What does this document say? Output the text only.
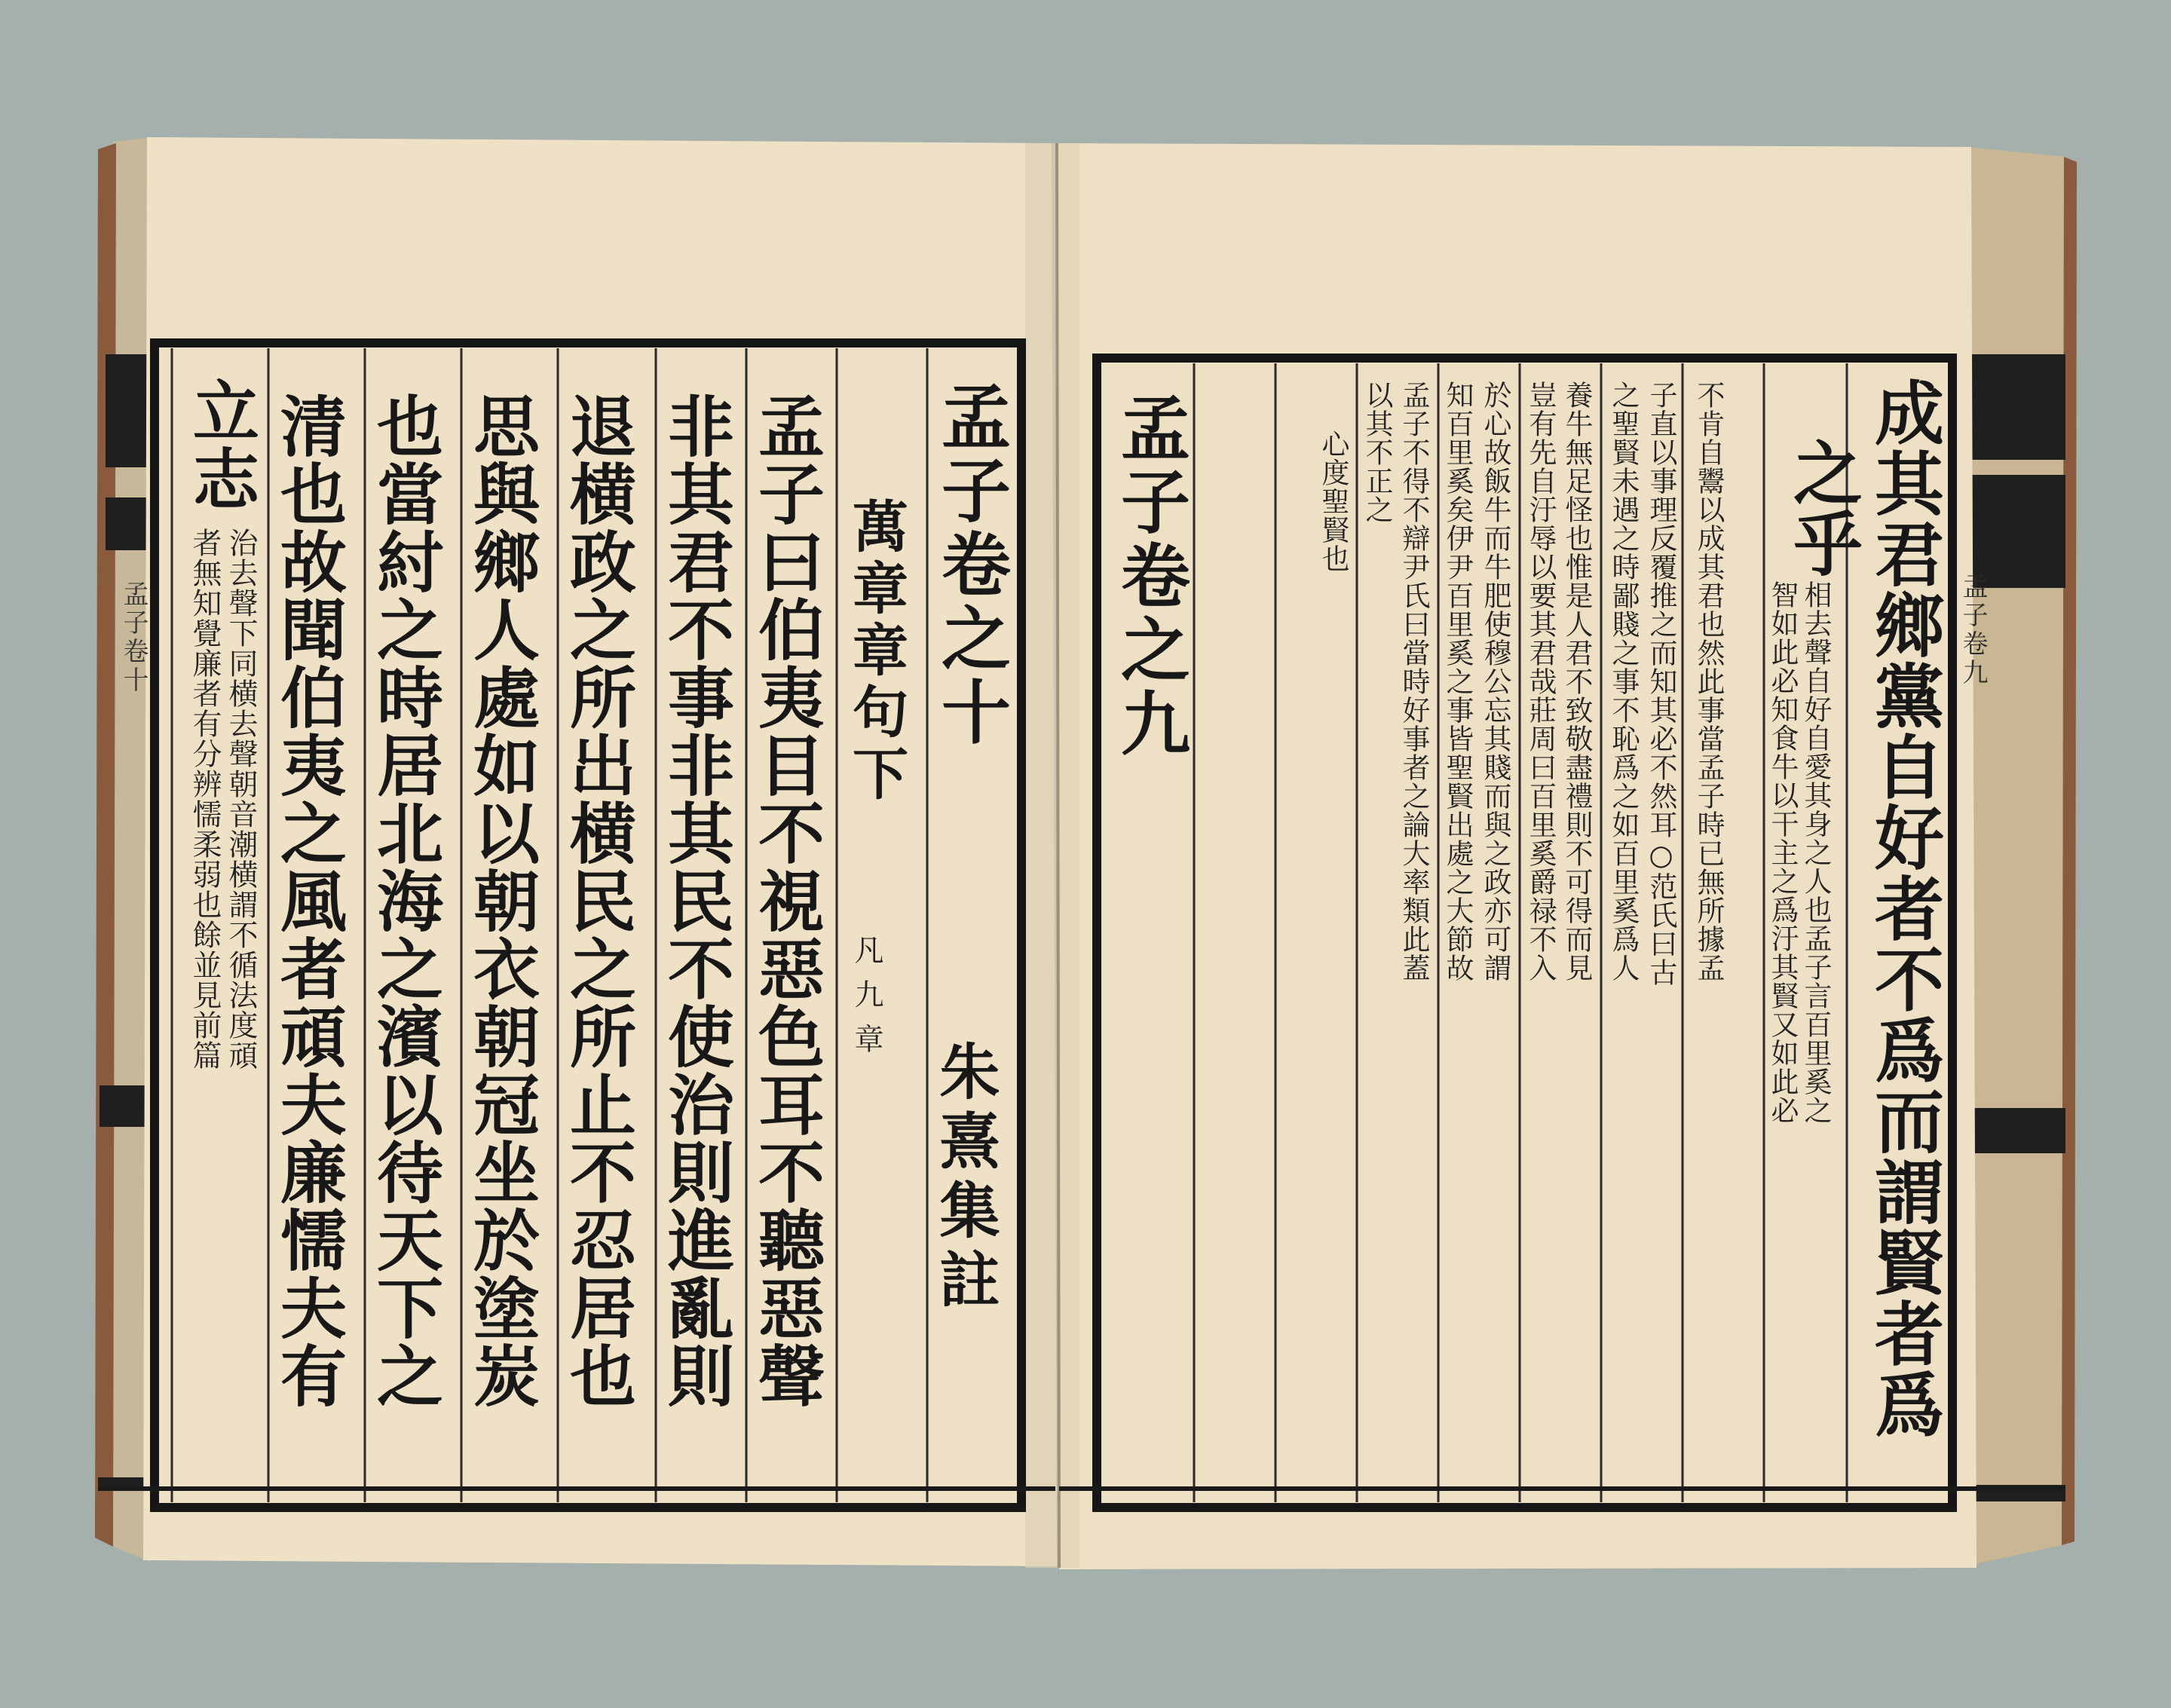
孟子卷之十
萬章章句下
凡九章
朱熹集註
孟子曰伯夷目不視惡色耳不聽惡聲
非其君不事非其民不使治則進亂則
退横政之所出横民之所止不忍居也
思與鄉人處如以朝衣朝冠坐於塗炭
也當紂之時居北海之濱以待天下之
清也故聞伯夷之風者頑夫廉懦夫有
立志
治去聲下同横去聲朝音潮横謂不循法度頑
者無知覺廉者有分辨懦柔弱也餘並見前篇
孟子卷十	成其君鄉黨自好者不爲而謂賢者爲
之乎
相去聲自好自愛其身之人也孟子言百里奚之
智如此必知食牛以干主之爲汙其賢又如此必
不肯自鬻以成其君也然此事當孟子時已無所據孟
子直以事理反覆推之而知其必不然耳○范氏曰古
之聖賢未遇之時鄙賤之事不恥爲之如百里奚爲人
養牛無足怪也惟是人君不致敬盡禮則不可得而見
豈有先自汙辱以要其君哉莊周曰百里奚爵禄不入
於心故飯牛而牛肥使穆公忘其賤而與之政亦可謂
知百里奚矣伊尹百里奚之事皆聖賢出處之大節故
孟子不得不辯尹氏曰當時好事者之論大率類此蓋
以其不正之
心度聖賢也
孟子卷之九	孟子卷九
